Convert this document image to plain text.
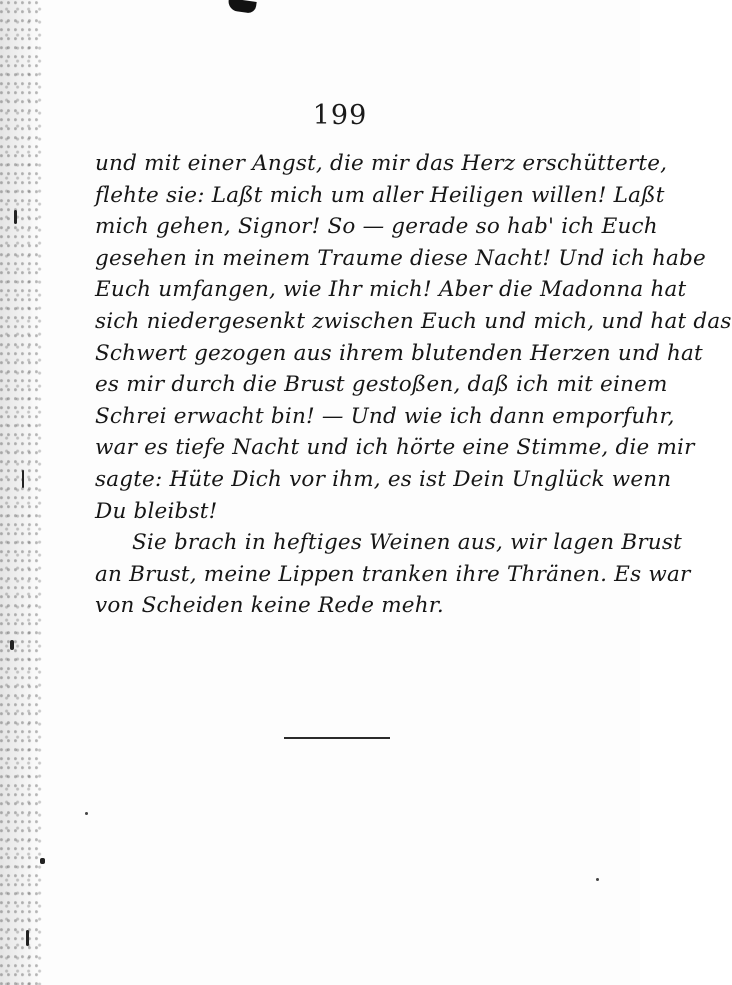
199
und mit einer Angst, die mir das Herz erschütterte,
flehte sie: Laßt mich um aller Heiligen willen! Laßt
mich gehen, Signor! So — gerade so hab' ich Euch
gesehen in meinem Traume diese Nacht! Und ich habe
Euch umfangen, wie Ihr mich! Aber die Madonna hat
sich niedergesenkt zwischen Euch und mich, und hat das
Schwert gezogen aus ihrem blutenden Herzen und hat
es mir durch die Brust gestoßen, daß ich mit einem
Schrei erwacht bin! — Und wie ich dann emporfuhr,
war es tiefe Nacht und ich hörte eine Stimme, die mir
sagte: Hüte Dich vor ihm, es ist Dein Unglück wenn
Du bleibst!
Sie brach in heftiges Weinen aus, wir lagen Brust
an Brust, meine Lippen tranken ihre Thränen. Es war
von Scheiden keine Rede mehr.
